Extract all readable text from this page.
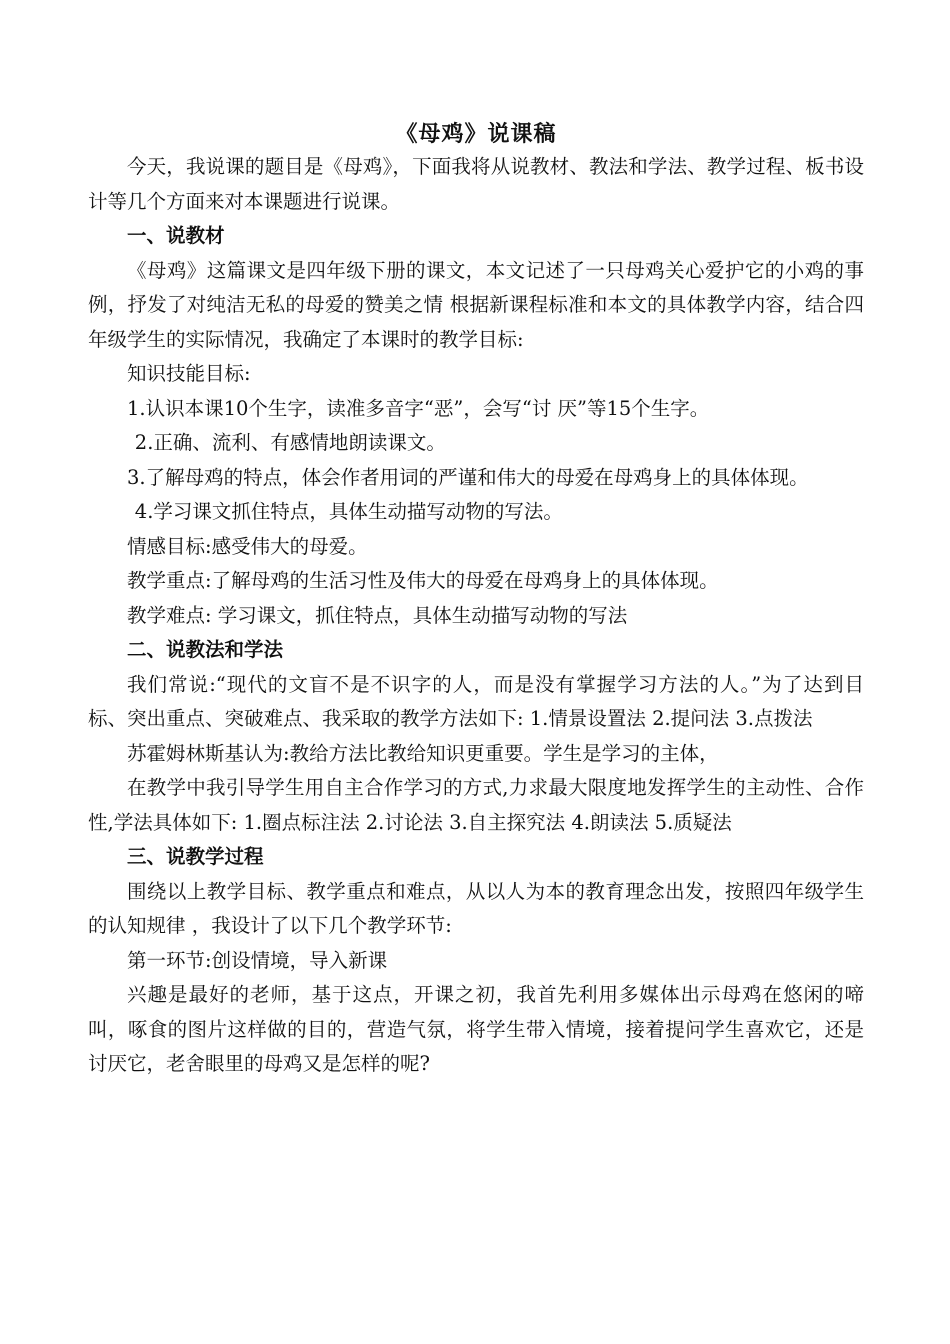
《母鸡》说课稿

今天，我说课的题目是《母鸡》，下面我将从说教材、教法和学法、教学过程、板书设计等几个方面来对本课题进行说课。

一、说教材

《母鸡》这篇课文是四年级下册的课文，本文记述了一只母鸡关心爱护它的小鸡的事例，抒发了对纯洁无私的母爱的赞美之情 根据新课程标准和本文的具体教学内容，结合四年级学生的实际情况，我确定了本课时的教学目标:

知识技能目标:

1.认识本课10个生字，读准多音字“恶”，会写“讨 厌”等15个生字。

2.正确、流利、有感情地朗读课文。

3.了解母鸡的特点，体会作者用词的严谨和伟大的母爱在母鸡身上的具体体现。

4.学习课文抓住特点，具体生动描写动物的写法。

情感目标:感受伟大的母爱。

教学重点:了解母鸡的生活习性及伟大的母爱在母鸡身上的具体体现。

教学难点: 学习课文，抓住特点，具体生动描写动物的写法

二、说教法和学法

我们常说:“现代的文盲不是不识字的人，而是没有掌握学习方法的人。”为了达到目标、突出重点、突破难点、我采取的教学方法如下: 1.情景设置法 2.提问法 3.点拨法

苏霍姆林斯基认为:教给方法比教给知识更重要。学生是学习的主体，

在教学中我引导学生用自主合作学习的方式,力求最大限度地发挥学生的主动性、合作性,学法具体如下: 1.圈点标注法 2.讨论法 3.自主探究法 4.朗读法 5.质疑法

三、说教学过程

围绕以上教学目标、教学重点和难点，从以人为本的教育理念出发，按照四年级学生的认知规律 ，我设计了以下几个教学环节:

第一环节:创设情境，导入新课

兴趣是最好的老师，基于这点，开课之初，我首先利用多媒体出示母鸡在悠闲的啼叫，啄食的图片这样做的目的，营造气氛，将学生带入情境，接着提问学生喜欢它，还是讨厌它，老舍眼里的母鸡又是怎样的呢?
